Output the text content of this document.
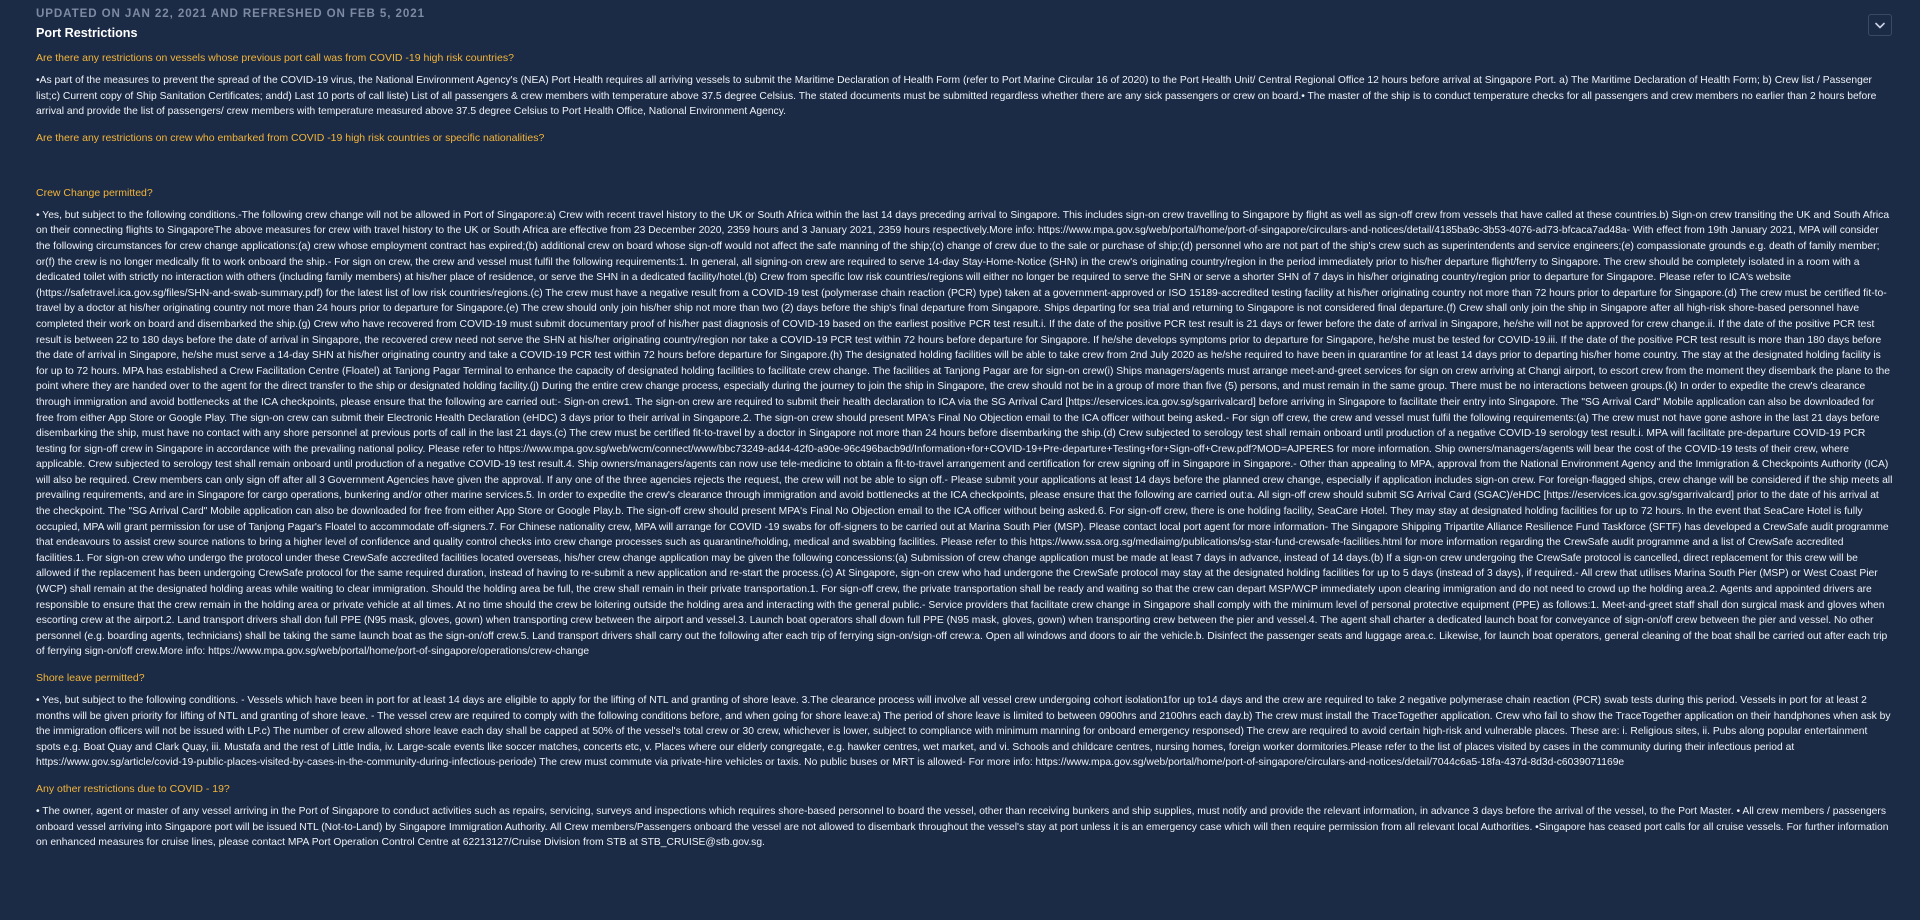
UPDATED ON JAN 22, 2021 AND REFRESHED ON FEB 5, 2021
Port Restrictions
Are there any restrictions on vessels whose previous port call was from COVID -19 high risk countries?
•As part of the measures to prevent the spread of the COVID-19 virus, the National Environment Agency's (NEA) Port Health requires all arriving vessels to submit the Maritime Declaration of Health Form (refer to Port Marine Circular 16 of 2020) to the Port Health Unit/ Central Regional Office 12 hours before arrival at Singapore Port. a) The Maritime Declaration of Health Form; b) Crew list / Passenger list;c) Current copy of Ship Sanitation Certificates; andd) Last 10 ports of call liste) List of all passengers & crew members with temperature above 37.5 degree Celsius. The stated documents must be submitted regardless whether there are any sick passengers or crew on board.• The master of the ship is to conduct temperature checks for all passengers and crew members no earlier than 2 hours before arrival and provide the list of passengers/ crew members with temperature measured above 37.5 degree Celsius to Port Health Office, National Environment Agency.
Are there any restrictions on crew who embarked from COVID -19 high risk countries or specific nationalities?
Crew Change permitted?
• Yes, but subject to the following conditions.-The following crew change will not be allowed in Port of Singapore:a) Crew with recent travel history to the UK or South Africa within the last 14 days preceding arrival to Singapore. This includes sign-on crew travelling to Singapore by flight as well as sign-off crew from vessels that have called at these countries.b) Sign-on crew transiting the UK and South Africa on their connecting flights to SingaporeThe above measures for crew with travel history to the UK or South Africa are effective from 23 December 2020, 2359 hours and 3 January 2021, 2359 hours respectively.More info: https://www.mpa.gov.sg/web/portal/home/port-of-singapore/circulars-and-notices/detail/4185ba9c-3b53-4076-ad73-bfcaca7ad48a- With effect from 19th January 2021, MPA will consider the following circumstances for crew change applications:(a) crew whose employment contract has expired;(b) additional crew on board whose sign-off would not affect the safe manning of the ship;(c) change of crew due to the sale or purchase of ship;(d) personnel who are not part of the ship's crew such as superintendents and service engineers;(e) compassionate grounds e.g. death of family member; or(f) the crew is no longer medically fit to work onboard the ship.- For sign on crew, the crew and vessel must fulfil the following requirements:1. In general, all signing-on crew are required to serve 14-day Stay-Home-Notice (SHN) in the crew's originating country/region in the period immediately prior to his/her departure flight/ferry to Singapore. The crew should be completely isolated in a room with a dedicated toilet with strictly no interaction with others (including family members) at his/her place of residence, or serve the SHN in a dedicated facility/hotel.(b) Crew from specific low risk countries/regions will either no longer be required to serve the SHN or serve a shorter SHN of 7 days in his/her originating country/region prior to departure for Singapore. Please refer to ICA's website (https://safetravel.ica.gov.sg/files/SHN-and-swab-summary.pdf) for the latest list of low risk countries/regions.(c) The crew must have a negative result from a COVID-19 test (polymerase chain reaction (PCR) type) taken at a government-approved or ISO 15189-accredited testing facility at his/her originating country not more than 72 hours prior to departure for Singapore.(d) The crew must be certified fit-to-travel by a doctor at his/her originating country not more than 24 hours prior to departure for Singapore.(e) The crew should only join his/her ship not more than two (2) days before the ship's final departure from Singapore. Ships departing for sea trial and returning to Singapore is not considered final departure.(f) Crew shall only join the ship in Singapore after all high-risk shore-based personnel have completed their work on board and disembarked the ship.(g) Crew who have recovered from COVID-19 must submit documentary proof of his/her past diagnosis of COVID-19 based on the earliest positive PCR test result.i. If the date of the positive PCR test result is 21 days or fewer before the date of arrival in Singapore, he/she will not be approved for crew change.ii. If the date of the positive PCR test result is between 22 to 180 days before the date of arrival in Singapore, the recovered crew need not serve the SHN at his/her originating country/region nor take a COVID-19 PCR test within 72 hours before departure for Singapore. If he/she develops symptoms prior to departure for Singapore, he/she must be tested for COVID-19.iii. If the date of the positive PCR test result is more than 180 days before the date of arrival in Singapore, he/she must serve a 14-day SHN at his/her originating country and take a COVID-19 PCR test within 72 hours before departure for Singapore.(h) The designated holding facilities will be able to take crew from 2nd July 2020 as he/she required to have been in quarantine for at least 14 days prior to departing his/her home country. The stay at the designated holding facility is for up to 72 hours. MPA has established a Crew Facilitation Centre (Floatel) at Tanjong Pagar Terminal to enhance the capacity of designated holding facilities to facilitate crew change. The facilities at Tanjong Pagar are for sign-on crew(i) Ships managers/agents must arrange meet-and-greet services for sign on crew arriving at Changi airport, to escort crew from the moment they disembark the plane to the point where they are handed over to the agent for the direct transfer to the ship or designated holding facility.(j) During the entire crew change process, especially during the journey to join the ship in Singapore, the crew should not be in a group of more than five (5) persons, and must remain in the same group. There must be no interactions between groups.(k) In order to expedite the crew's clearance through immigration and avoid bottlenecks at the ICA checkpoints, please ensure that the following are carried out:- Sign-on crew1. The sign-on crew are required to submit their health declaration to ICA via the SG Arrival Card [https://eservices.ica.gov.sg/sgarrivalcard] before arriving in Singapore to facilitate their entry into Singapore. The "SG Arrival Card" Mobile application can also be downloaded for free from either App Store or Google Play. The sign-on crew can submit their Electronic Health Declaration (eHDC) 3 days prior to their arrival in Singapore.2. The sign-on crew should present MPA's Final No Objection email to the ICA officer without being asked.- For sign off crew, the crew and vessel must fulfil the following requirements:(a) The crew must not have gone ashore in the last 21 days before disembarking the ship, must have no contact with any shore personnel at previous ports of call in the last 21 days.(c) The crew must be certified fit-to-travel by a doctor in Singapore not more than 24 hours before disembarking the ship.(d) Crew subjected to serology test shall remain onboard until production of a negative COVID-19 serology test result.i. MPA will facilitate pre-departure COVID-19 PCR testing for sign-off crew in Singapore in accordance with the prevailing national policy. Please refer to https://www.mpa.gov.sg/web/wcm/connect/www/bbc73249-ad44-42f0-a90e-96c496bacb9d/Information+for+COVID-19+Pre-departure+Testing+for+Sign-off+Crew.pdf?MOD=AJPERES for more information. Ship owners/managers/agents will bear the cost of the COVID-19 tests of their crew, where applicable. Crew subjected to serology test shall remain onboard until production of a negative COVID-19 test result.4. Ship owners/managers/agents can now use tele-medicine to obtain a fit-to-travel arrangement and certification for crew signing off in Singapore in Singapore.- Other than appealing to MPA, approval from the National Environment Agency and the Immigration & Checkpoints Authority (ICA) will also be required. Crew members can only sign off after all 3 Government Agencies have given the approval. If any one of the three agencies rejects the request, the crew will not be able to sign off.- Please submit your applications at least 14 days before the planned crew change, especially if application includes sign-on crew. For foreign-flagged ships, crew change will be considered if the ship meets all prevailing requirements, and are in Singapore for cargo operations, bunkering and/or other marine services.5. In order to expedite the crew's clearance through immigration and avoid bottlenecks at the ICA checkpoints, please ensure that the following are carried out:a. All sign-off crew should submit SG Arrival Card (SGAC)/eHDC [https://eservices.ica.gov.sg/sgarrivalcard] prior to the date of his arrival at the checkpoint. The "SG Arrival Card" Mobile application can also be downloaded for free from either App Store or Google Play.b. The sign-off crew should present MPA's Final No Objection email to the ICA officer without being asked.6. For sign-off crew, there is one holding facility, SeaCare Hotel. They may stay at designated holding facilities for up to 72 hours. In the event that SeaCare Hotel is fully occupied, MPA will grant permission for use of Tanjong Pagar's Floatel to accommodate off-signers.7. For Chinese nationality crew, MPA will arrange for COVID -19 swabs for off-signers to be carried out at Marina South Pier (MSP). Please contact local port agent for more information- The Singapore Shipping Tripartite Alliance Resilience Fund Taskforce (SFTF) has developed a CrewSafe audit programme that endeavours to assist crew source nations to bring a higher level of confidence and quality control checks into crew change processes such as quarantine/holding, medical and swabbing facilities. Please refer to this https://www.ssa.org.sg/mediaimg/publications/sg-star-fund-crewsafe-facilities.html for more information regarding the CrewSafe audit programme and a list of CrewSafe accredited facilities.1. For sign-on crew who undergo the protocol under these CrewSafe accredited facilities located overseas, his/her crew change application may be given the following concessions:(a) Submission of crew change application must be made at least 7 days in advance, instead of 14 days.(b) If a sign-on crew undergoing the CrewSafe protocol is cancelled, direct replacement for this crew will be allowed if the replacement has been undergoing CrewSafe protocol for the same required duration, instead of having to re-submit a new application and re-start the process.(c) At Singapore, sign-on crew who had undergone the CrewSafe protocol may stay at the designated holding facilities for up to 5 days (instead of 3 days), if required.- All crew that utilises Marina South Pier (MSP) or West Coast Pier (WCP) shall remain at the designated holding areas while waiting to clear immigration. Should the holding area be full, the crew shall remain in their private transportation.1. For sign-off crew, the private transportation shall be ready and waiting so that the crew can depart MSP/WCP immediately upon clearing immigration and do not need to crowd up the holding area.2. Agents and appointed drivers are responsible to ensure that the crew remain in the holding area or private vehicle at all times. At no time should the crew be loitering outside the holding area and interacting with the general public.- Service providers that facilitate crew change in Singapore shall comply with the minimum level of personal protective equipment (PPE) as follows:1. Meet-and-greet staff shall don surgical mask and gloves when escorting crew at the airport.2. Land transport drivers shall don full PPE (N95 mask, gloves, gown) when transporting crew between the airport and vessel.3. Launch boat operators shall down full PPE (N95 mask, gloves, gown) when transporting crew between the pier and vessel.4. The agent shall charter a dedicated launch boat for conveyance of sign-on/off crew between the pier and vessel. No other personnel (e.g. boarding agents, technicians) shall be taking the same launch boat as the sign-on/off crew.5. Land transport drivers shall carry out the following after each trip of ferrying sign-on/sign-off crew:a. Open all windows and doors to air the vehicle.b. Disinfect the passenger seats and luggage area.c. Likewise, for launch boat operators, general cleaning of the boat shall be carried out after each trip of ferrying sign-on/off crew.More info: https://www.mpa.gov.sg/web/portal/home/port-of-singapore/operations/crew-change
Shore leave permitted?
• Yes, but subject to the following conditions. - Vessels which have been in port for at least 14 days are eligible to apply for the lifting of NTL and granting of shore leave. 3.The clearance process will involve all vessel crew undergoing cohort isolation1for up to14 days and the crew are required to take 2 negative polymerase chain reaction (PCR) swab tests during this period. Vessels in port for at least 2 months will be given priority for lifting of NTL and granting of shore leave. - The vessel crew are required to comply with the following conditions before, and when going for shore leave:a) The period of shore leave is limited to between 0900hrs and 2100hrs each day.b) The crew must install the TraceTogether application. Crew who fail to show the TraceTogether application on their handphones when ask by the immigration officers will not be issued with LP.c) The number of crew allowed shore leave each day shall be capped at 50% of the vessel's total crew or 30 crew, whichever is lower, subject to compliance with minimum manning for onboard emergency responsed) The crew are required to avoid certain high-risk and vulnerable places. These are: i. Religious sites, ii. Pubs along popular entertainment spots e.g. Boat Quay and Clark Quay, iii. Mustafa and the rest of Little India, iv. Large-scale events like soccer matches, concerts etc, v. Places where our elderly congregate, e.g. hawker centres, wet market, and vi. Schools and childcare centres, nursing homes, foreign worker dormitories.Please refer to the list of places visited by cases in the community during their infectious period at https://www.gov.sg/article/covid-19-public-places-visited-by-cases-in-the-community-during-infectious-periode) The crew must commute via private-hire vehicles or taxis. No public buses or MRT is allowed- For more info: https://www.mpa.gov.sg/web/portal/home/port-of-singapore/circulars-and-notices/detail/7044c6a5-18fa-437d-8d3d-c6039071169e
Any other restrictions due to COVID - 19?
• The owner, agent or master of any vessel arriving in the Port of Singapore to conduct activities such as repairs, servicing, surveys and inspections which requires shore-based personnel to board the vessel, other than receiving bunkers and ship supplies, must notify and provide the relevant information, in advance 3 days before the arrival of the vessel, to the Port Master. • All crew members / passengers onboard vessel arriving into Singapore port will be issued NTL (Not-to-Land) by Singapore Immigration Authority. All Crew members/Passengers onboard the vessel are not allowed to disembark throughout the vessel's stay at port unless it is an emergency case which will then require permission from all relevant local Authorities. •Singapore has ceased port calls for all cruise vessels. For further information on enhanced measures for cruise lines, please contact MPA Port Operation Control Centre at 62213127/Cruise Division from STB at STB_CRUISE@stb.gov.sg.
